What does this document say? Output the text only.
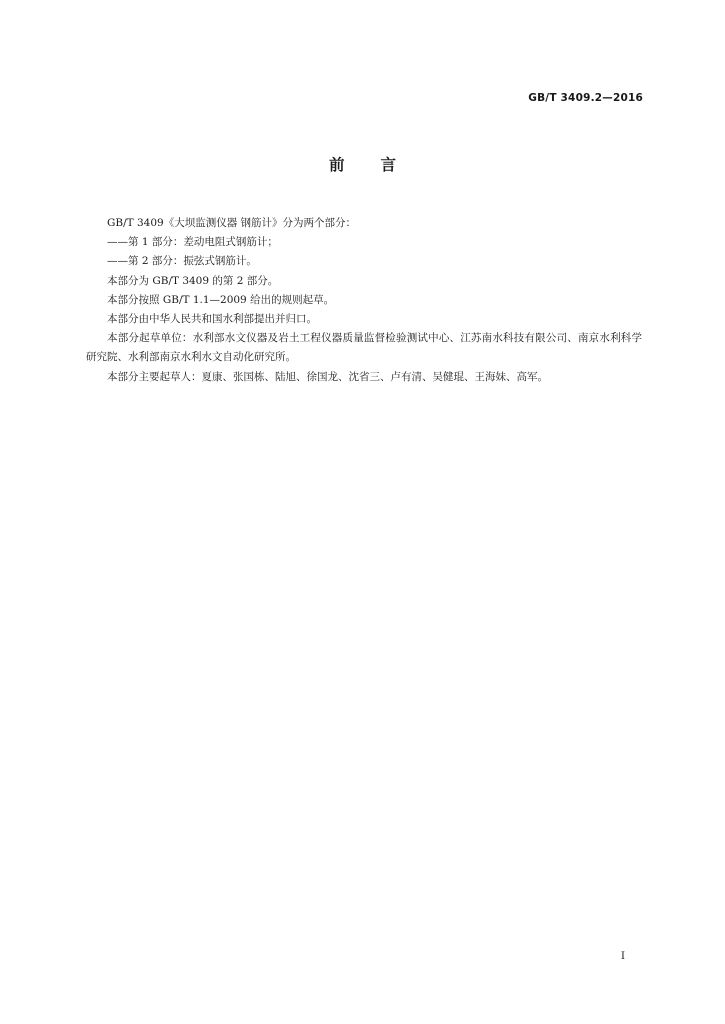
GB/T 3409.2—2016
前言

GB/T 3409《大坝监测仪器 钢筋计》分为两个部分：

——第 1 部分：差动电阻式钢筋计；

——第 2 部分：振弦式钢筋计。

本部分为 GB/T 3409 的第 2 部分。

本部分按照 GB/T 1.1—2009 给出的规则起草。

本部分由中华人民共和国水利部提出并归口。

本部分起草单位：水利部水文仪器及岩土工程仪器质量监督检验测试中心、江苏南水科技有限公司、南京水利科学研究院、水利部南京水利水文自动化研究所。

本部分主要起草人：夏康、张国栋、陆旭、徐国龙、沈省三、卢有清、吴健琨、王海妹、高军。

I
